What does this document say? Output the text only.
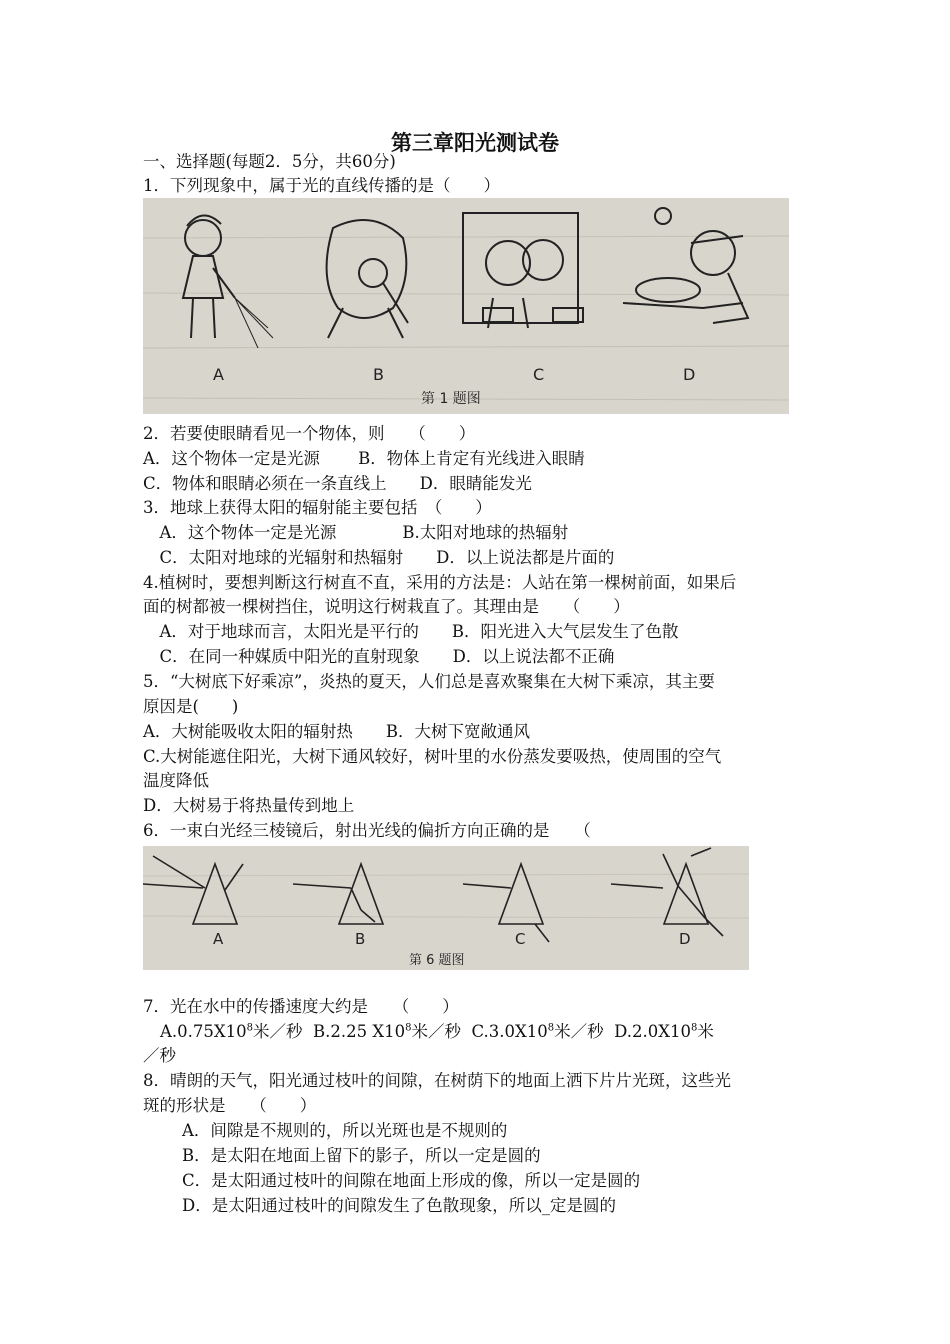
第三章阳光测试卷
一、选择题(每题2．5分，共60分)
1．下列现象中，属于光的直线传播的是（　　）
A	B	C	D
第 1 题图
2．若要使眼睛看见一个物体，则　　（　　）
A．这个物体一定是光源　　 B．物体上肯定有光线进入眼睛
C．物体和眼睛必须在一条直线上　　D．眼睛能发光
3．地球上获得太阳的辐射能主要包括　（　　）
　A．这个物体一定是光源　　　　B.太阳对地球的热辐射
　C．太阳对地球的光辐射和热辐射　　D．以上说法都是片面的
4.植树时，要想判断这行树直不直，采用的方法是：人站在第一棵树前面，如果后
面的树都被一棵树挡住，说明这行树栽直了。其理由是　　（　　）
　A．对于地球而言，太阳光是平行的　　B．阳光进入大气层发生了色散
　C．在同一种媒质中阳光的直射现象　　D．以上说法都不正确
5．“大树底下好乘凉”，炎热的夏天，人们总是喜欢聚集在大树下乘凉，其主要
原因是(　　)
A．大树能吸收太阳的辐射热　　B．大树下宽敞通风
C.大树能遮住阳光，大树下通风较好，树叶里的水份蒸发要吸热，使周围的空气
温度降低
D．大树易于将热量传到地上
6．一束白光经三棱镜后，射出光线的偏折方向正确的是　　（
A	B	C	D
第 6 题图
7．光在水中的传播速度大约是　　（　　）
$A.0.75X10^8$米／秒 B.2.25 $X10^8$米／秒 $C.3.0X10^8$米／秒 $D.2.0X10^8$米
／秒
8．晴朗的天气，阳光通过枝叶的间隙，在树荫下的地面上洒下片片光斑，这些光
斑的形状是　　（　　）
A．间隙是不规则的，所以光斑也是不规则的
B．是太阳在地面上留下的影子，所以一定是圆的
C．是太阳通过枝叶的间隙在地面上形成的像，所以一定是圆的
D．是太阳通过枝叶的间隙发生了色散现象，所以_定是圆的
